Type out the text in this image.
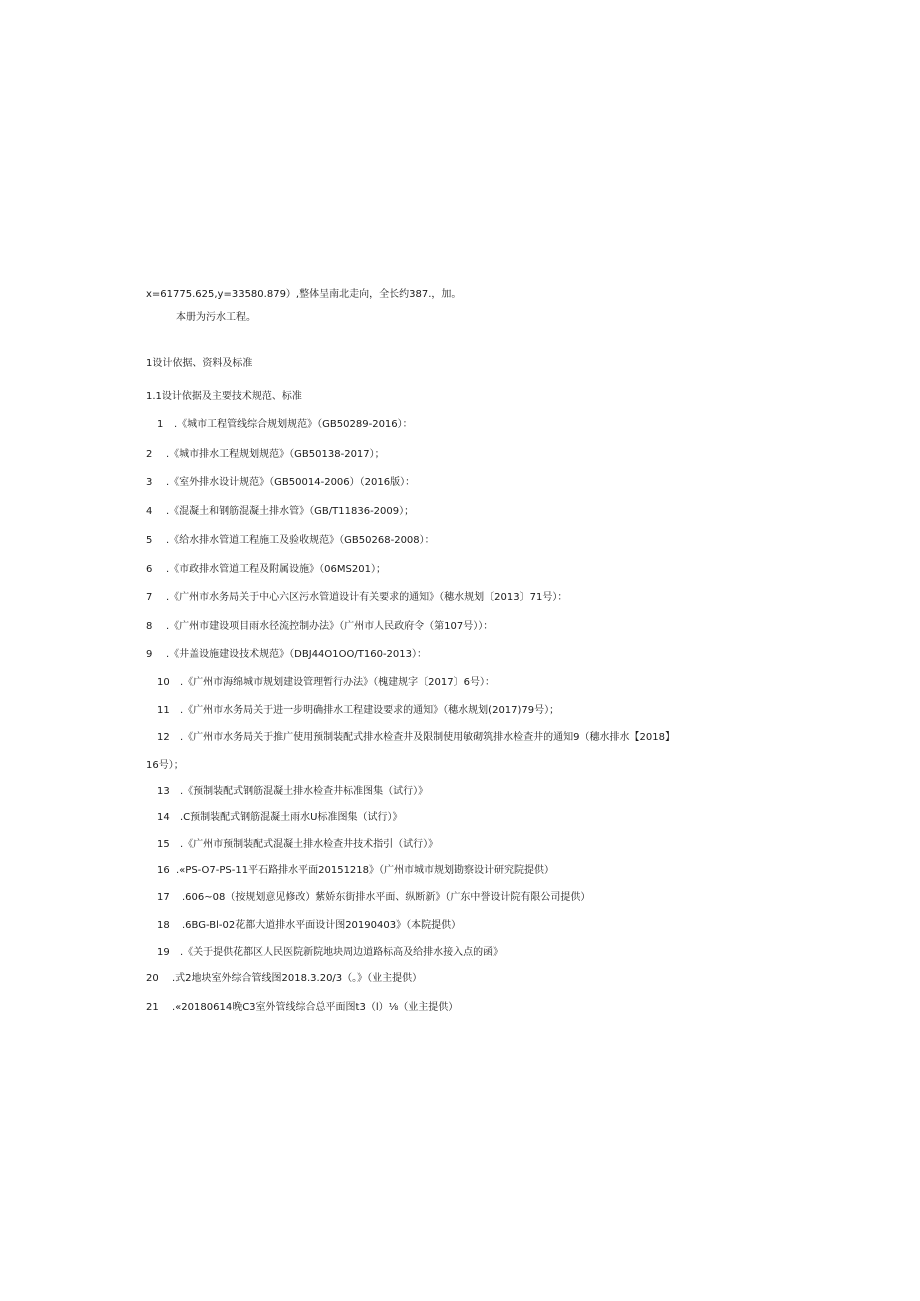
x=61775.625,y=33580.879）,整体呈南北走向，全长约387.，加。
本册为污水工程。
1设计依据、资料及标准
1.1设计依据及主要技术规范、标准
1 .《城市工程管线综合规划规范》（GB50289-2016）：
2 .《城市排水工程规划规范》（GB50138-2017）；
3 .《室外排水设计规范》（GB50014-2006）（2016版）：
4 .《混凝土和钢筋混凝土排水管》（GB/T11836-2009）；
5 .《给水排水管道工程施工及验收规范》（GB50268-2008）：
6 .《市政排水管道工程及附属设施》（06MS201）；
7 .《广州市水务局关于中心六区污水管道设计有关要求的通知》（穗水规划〔2013〕71号）：
8 .《广州市建设项目雨水径流控制办法》（广州市人民政府令（第107号））：
9 .《井盖设施建设技术规范》（DBJ44O1OO/T160-2013）：
10 .《广州市海绵城市规划建设管理暂行办法》（槐建规字〔2017〕6号）：
11 .《广州市水务局关于进一步明确排水工程建设要求的通知》（穗水规划(2017)79号）；
12 .《广州市水务局关于推广使用预制装配式排水检查井及限制使用敏砌筑排水检查井的通知9（穗水排水【2018】
16号）；
13 .《预制装配式钢筋混凝土排水检查井标准图集（试行）》
14 .C预制装配式钢筋混凝土雨水U标准图集（试行）》
15 .《广州市预制装配式混凝土排水检查井技术指引（试行）》
16 .«PS-O7-PS-11平石路排水平面20151218》（广州市城市规划勘察设计研究院提供）
17 .606~08（按规划意见修改）紫娇东街排水平面、纵断新》（广东中誉设计院有限公司提供）
18 .6BG-Bl-02花都大道排水平面设计图20190403》（本院提供）
19 .《关于提供花都区人民医院新院地块周边道路标高及给排水接入点的函》
20 .式2地块室外综合管线图2018.3.20/3（。》（业主提供）
21 .«20180614晚C3室外管线综合总平面图t3（l）⅛（业主提供）
